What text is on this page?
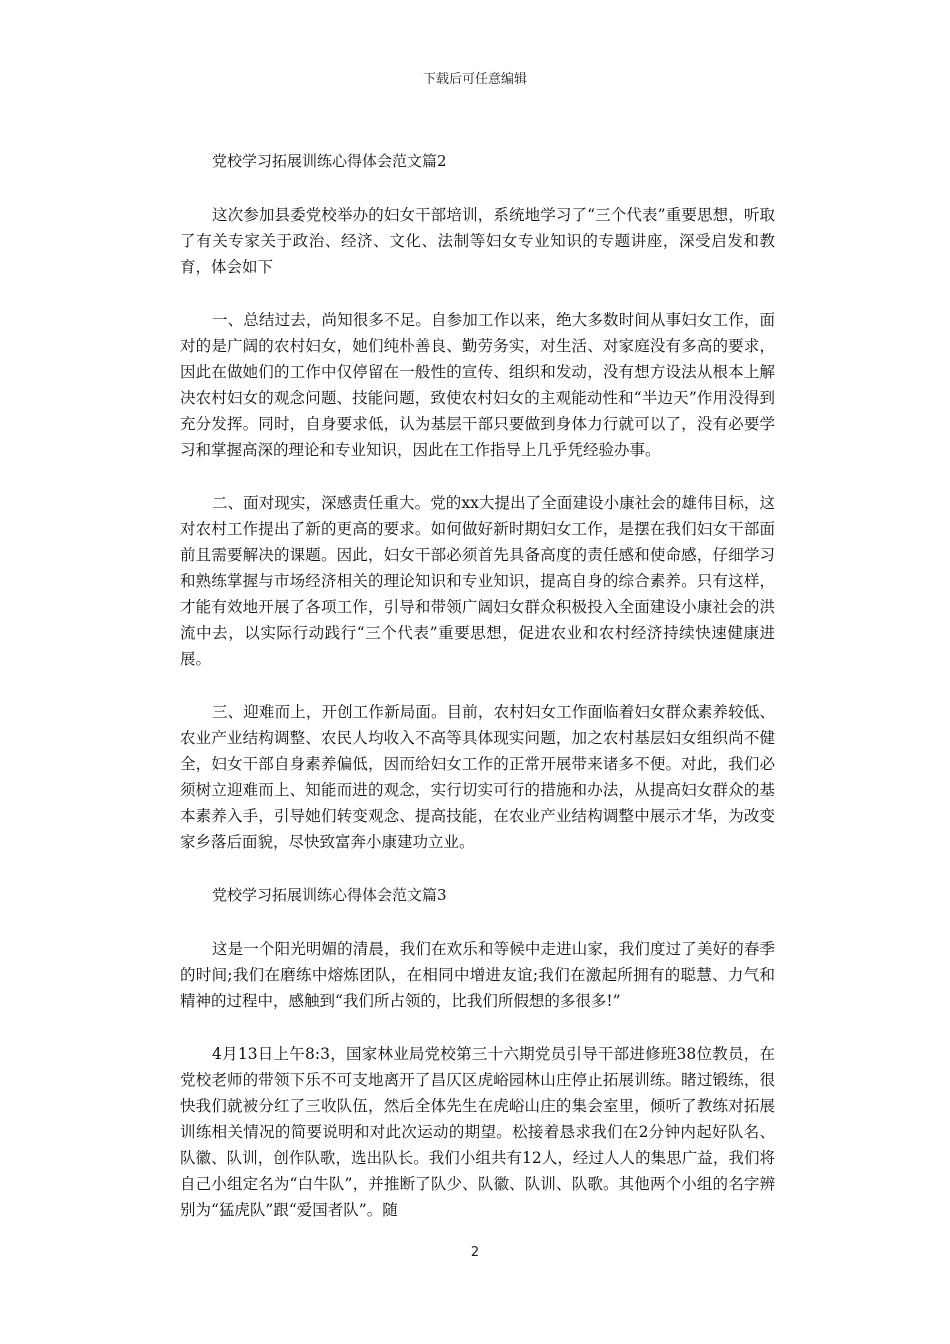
下载后可任意编辑

党校学习拓展训练心得体会范文篇2

这次参加县委党校举办的妇女干部培训，系统地学习了“三个代表”重要思想，听取了有关专家关于政治、经济、文化、法制等妇女专业知识的专题讲座，深受启发和教育，体会如下

一、总结过去，尚知很多不足。自参加工作以来，绝大多数时间从事妇女工作，面对的是广阔的农村妇女，她们纯朴善良、勤劳务实，对生活、对家庭没有多高的要求，因此在做她们的工作中仅停留在一般性的宣传、组织和发动，没有想方设法从根本上解决农村妇女的观念问题、技能问题，致使农村妇女的主观能动性和“半边天”作用没得到充分发挥。同时，自身要求低，认为基层干部只要做到身体力行就可以了，没有必要学习和掌握高深的理论和专业知识，因此在工作指导上几乎凭经验办事。

二、面对现实，深感责任重大。党的xx大提出了全面建设小康社会的雄伟目标，这对农村工作提出了新的更高的要求。如何做好新时期妇女工作，是摆在我们妇女干部面前且需要解决的课题。因此，妇女干部必须首先具备高度的责任感和使命感，仔细学习和熟练掌握与市场经济相关的理论知识和专业知识，提高自身的综合素养。只有这样，才能有效地开展了各项工作，引导和带领广阔妇女群众积极投入全面建设小康社会的洪流中去，以实际行动践行“三个代表”重要思想，促进农业和农村经济持续快速健康进展。

三、迎难而上，开创工作新局面。目前，农村妇女工作面临着妇女群众素养较低、农业产业结构调整、农民人均收入不高等具体现实问题，加之农村基层妇女组织尚不健全，妇女干部自身素养偏低，因而给妇女工作的正常开展带来诸多不便。对此，我们必须树立迎难而上、知能而进的观念，实行切实可行的措施和办法，从提高妇女群众的基本素养入手，引导她们转变观念、提高技能，在农业产业结构调整中展示才华，为改变家乡落后面貌，尽快致富奔小康建功立业。

党校学习拓展训练心得体会范文篇3

这是一个阳光明媚的清晨，我们在欢乐和等候中走进山家，我们度过了美好的春季的时间;我们在磨练中熔炼团队，在相同中增进友谊;我们在激起所拥有的聪慧、力气和精神的过程中，感触到“我们所占领的，比我们所假想的多很多!”

4月13日上午8:3，国家林业局党校第三十六期党员引导干部进修班38位教员，在党校老师的带领下乐不可支地离开了昌仄区虎峪园林山庄停止拓展训练。睹过锻练，很快我们就被分红了三收队伍，然后全体先生在虎峪山庄的集会室里，倾听了教练对拓展训练相关情况的简要说明和对此次运动的期望。松接着恳求我们在2分钟内起好队名、队徽、队训，创作队歌，选出队长。我们小组共有12人，经过人人的集思广益，我们将自己小组定名为“白牛队”，并推断了队少、队徽、队训、队歌。其他两个小组的名字辨别为“猛虎队”跟“爱国者队”。随

2
